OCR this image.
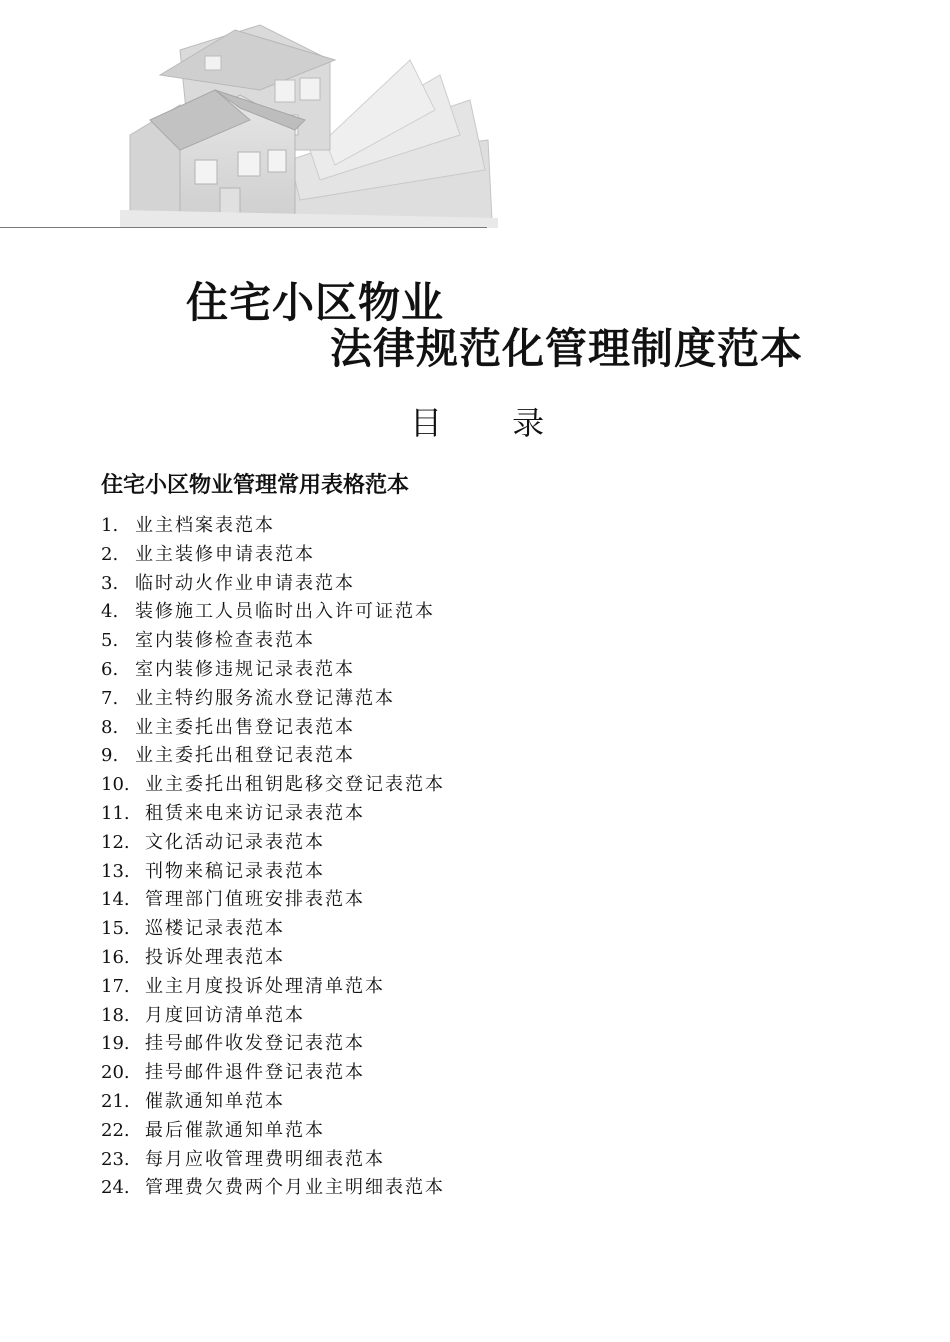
住宅小区物业
法律规范化管理制度范本
目 录
住宅小区物业管理常用表格范本
1. 业主档案表范本
2. 业主装修申请表范本
3. 临时动火作业申请表范本
4. 装修施工人员临时出入许可证范本
5. 室内装修检查表范本
6. 室内装修违规记录表范本
7. 业主特约服务流水登记薄范本
8. 业主委托出售登记表范本
9. 业主委托出租登记表范本
10. 业主委托出租钥匙移交登记表范本
11. 租赁来电来访记录表范本
12. 文化活动记录表范本
13. 刊物来稿记录表范本
14. 管理部门值班安排表范本
15. 巡楼记录表范本
16. 投诉处理表范本
17. 业主月度投诉处理清单范本
18. 月度回访清单范本
19. 挂号邮件收发登记表范本
20. 挂号邮件退件登记表范本
21. 催款通知单范本
22. 最后催款通知单范本
23. 每月应收管理费明细表范本
24. 管理费欠费两个月业主明细表范本
